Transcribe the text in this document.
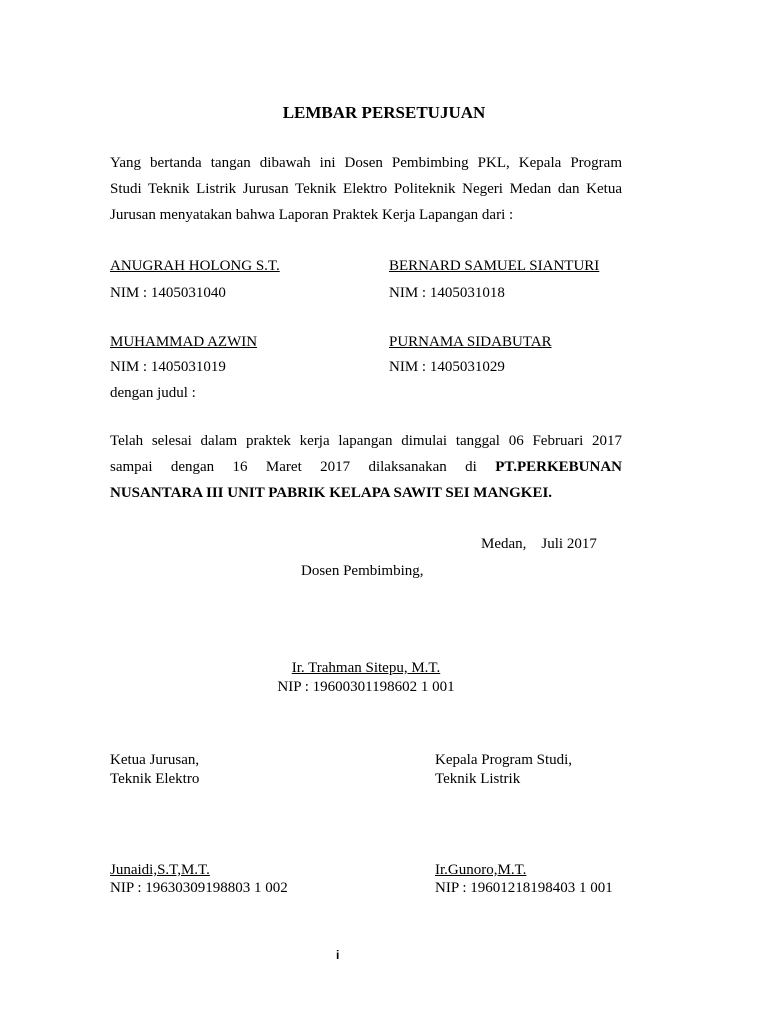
LEMBAR PERSETUJUAN
Yang bertanda tangan dibawah ini Dosen Pembimbing PKL, Kepala Program
Studi Teknik Listrik Jurusan Teknik Elektro Politeknik Negeri Medan dan Ketua
Jurusan menyatakan bahwa Laporan Praktek Kerja Lapangan dari :
ANUGRAH HOLONG S.T.
NIM : 1405031040
BERNARD SAMUEL SIANTURI
NIM : 1405031018
MUHAMMAD AZWIN
NIM : 1405031019
PURNAMA SIDABUTAR
NIM : 1405031029
dengan judul :
Telah selesai dalam praktek kerja lapangan dimulai tanggal 06 Februari 2017
sampai dengan 16 Maret 2017 dilaksanakan di PT.PERKEBUNAN
NUSANTARA III UNIT PABRIK KELAPA SAWIT SEI MANGKEI.
Medan,    Juli 2017
Dosen Pembimbing,
Ir. Trahman Sitepu, M.T.
NIP : 19600301198602 1 001
Ketua Jurusan,
Teknik Elektro
Junaidi,S.T,M.T.
NIP : 19630309198803 1 002
Kepala Program Studi,
Teknik Listrik
Ir.Gunoro,M.T.
NIP : 19601218198403 1 001
i
